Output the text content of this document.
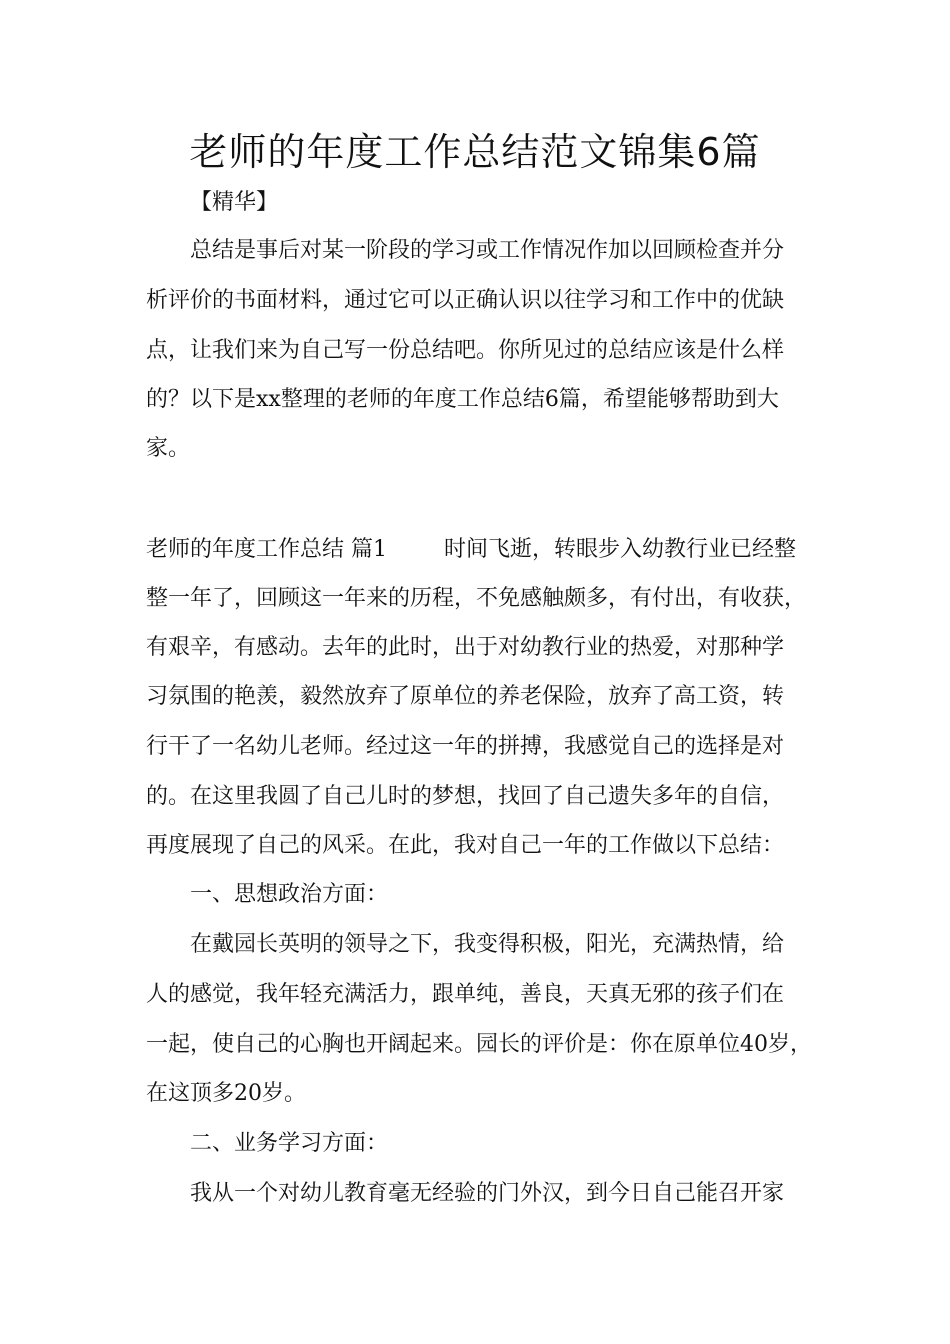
老师的年度工作总结范文锦集6篇
【精华】
总结是事后对某一阶段的学习或工作情况作加以回顾检查并分
析评价的书面材料，通过它可以正确认识以往学习和工作中的优缺
点，让我们来为自己写一份总结吧。你所见过的总结应该是什么样
的？以下是xx整理的老师的年度工作总结6篇，希望能够帮助到大
家。
老师的年度工作总结 篇1	时间飞逝，转眼步入幼教行业已经整
整一年了，回顾这一年来的历程，不免感触颇多，有付出，有收获，
有艰辛，有感动。去年的此时，出于对幼教行业的热爱，对那种学
习氛围的艳羡，毅然放弃了原单位的养老保险，放弃了高工资，转
行干了一名幼儿老师。经过这一年的拼搏，我感觉自己的选择是对
的。在这里我圆了自己儿时的梦想，找回了自己遗失多年的自信，
再度展现了自己的风采。在此，我对自己一年的工作做以下总结：
一、思想政治方面：
在戴园长英明的领导之下，我变得积极，阳光，充满热情，给
人的感觉，我年轻充满活力，跟单纯，善良，天真无邪的孩子们在
一起，使自己的心胸也开阔起来。园长的评价是：你在原单位40岁，
在这顶多20岁。
二、业务学习方面：
我从一个对幼儿教育毫无经验的门外汉，到今日自己能召开家
